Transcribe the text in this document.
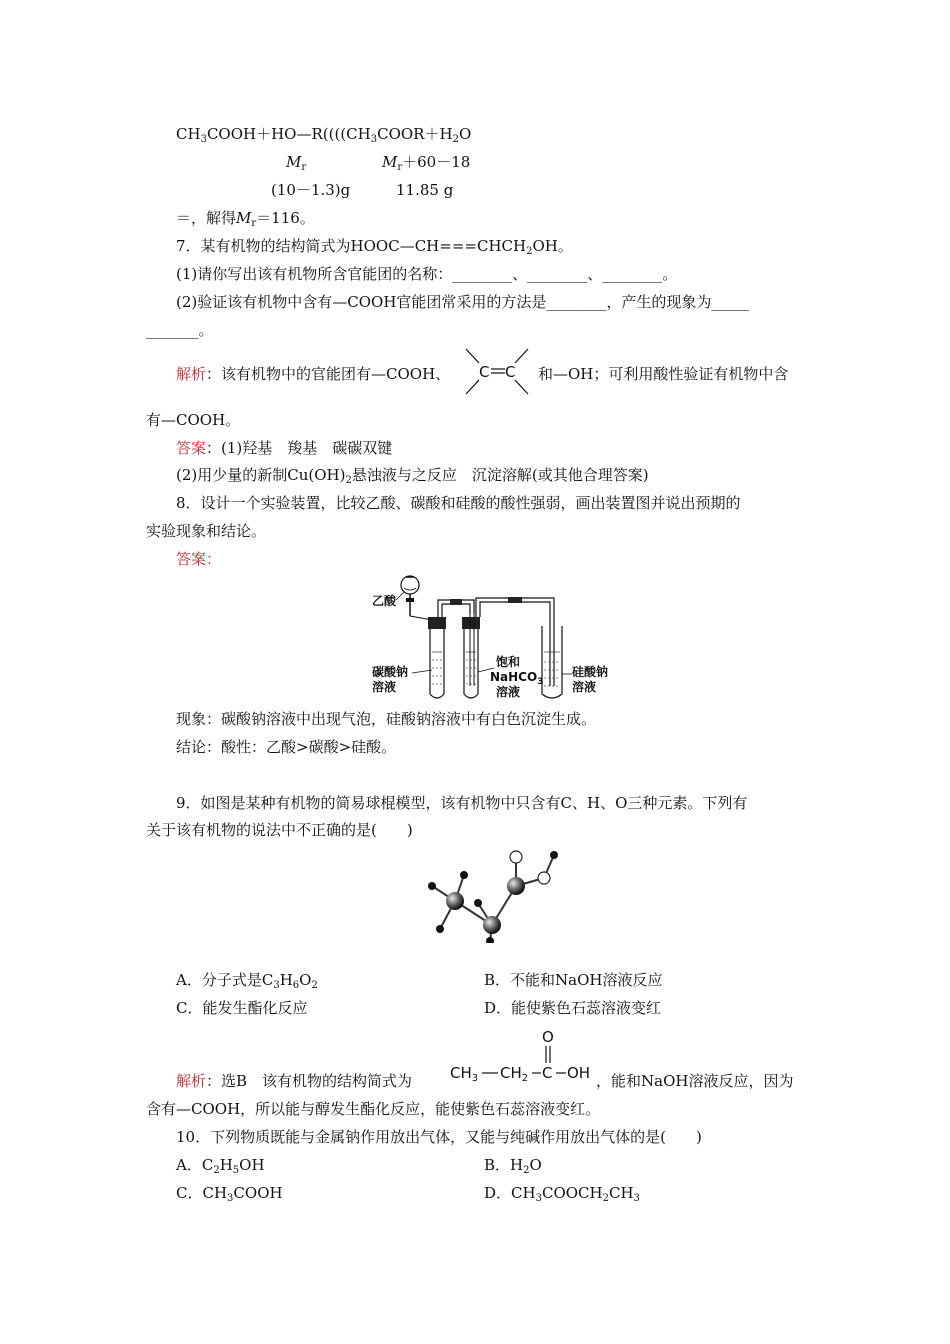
$CH_3COOH+HO—R((((CH_3COOR+H_2O$
$M_r$	$M_r+60-18$
(10－1.3)g	11.85 g
＝，解得$M_r=116$。
7．某有机物的结构简式为$HOOC—CH===CHCH_2OH$。
(1)请你写出该有机物所含官能团的名称：________、________、________。
(2)验证该有机物中含有—COOH官能团常采用的方法是________，产生的现象为_____
_______。
解析：该有机物中的官能团有—COOH、 C C 和—OH；可利用酸性验证有机物中含
有—COOH。
答案：(1)羟基　羧基　碳碳双键
(2)用少量的新制$Cu(OH)_2$悬浊液与之反应　沉淀溶解(或其他合理答案)
8．设计一个实验装置，比较乙酸、碳酸和硅酸的酸性强弱，画出装置图并说出预期的
实验现象和结论。
答案：
乙酸
碳酸钠
溶液
饱和
NaHCO$_3$
溶液
硅酸钠
溶液
现象：碳酸钠溶液中出现气泡，硅酸钠溶液中有白色沉淀生成。
结论：酸性：乙酸>碳酸>硅酸。
9．如图是某种有机物的简易球棍模型，该有机物中只含有C、H、O三种元素。下列有
关于该有机物的说法中不正确的是(　　)
A．分子式是$C_3H_6O_2$	B．不能和NaOH溶液反应
C．能发生酯化反应	D．能使紫色石蕊溶液变红
解析：选B　该有机物的结构简式为	$CH_3$ $CH_2$ C OH
O
，能和NaOH溶液反应，因为
含有—COOH，所以能与醇发生酯化反应，能使紫色石蕊溶液变红。
10．下列物质既能与金属钠作用放出气体，又能与纯碱作用放出气体的是(　　)
A．$C_2H_5OH$	B．$H_2O$
C．$CH_3COOH$	D．$CH_3COOCH_2CH_3$
